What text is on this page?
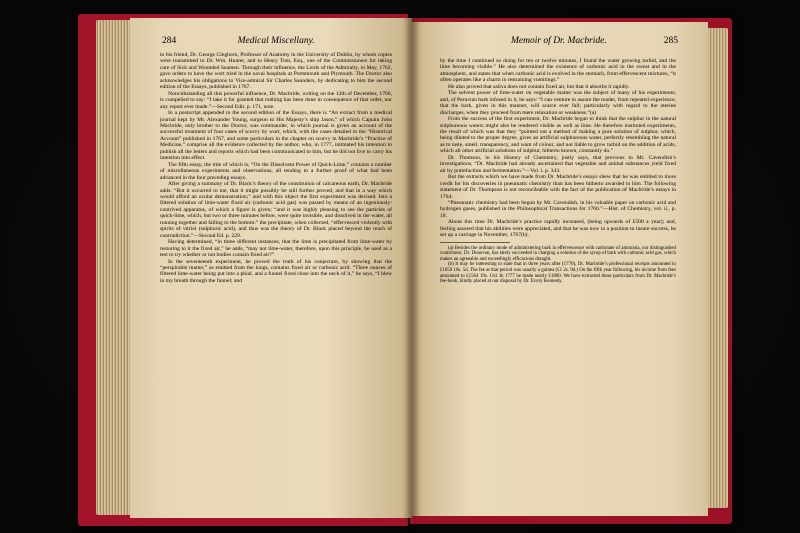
284	Medical Miscellany.	Memoir of Dr. Macbride.	285

to his friend, Dr. George Cleghorn, Professor of Anatomy in the University of Dublin, by whom copies were transmitted to Dr. Wm. Hunter, and to Henry Tom, Esq., one of the Commissioners for taking care of Sick and Wounded Seamen. Through their influence, the Lords of the Admiralty, in May, 1762, gave orders to have the wort tried in the naval hospitals at Portsmouth and Plymouth. The Doctor also acknowledges his obligations to Vice-admiral Sir Charles Saunders, by dedicating to him the second edition of the Essays, published in 1767.

Notwithstanding all this powerful influence, Dr. Macbride, writing on the 12th of December, 1766, is compelled to say: “I take it for granted that nothing has been done in consequence of that order, nor any report ever made.”—Second Edit. p. 171, note.

In a postscript appended to the second edition of the Essays, there is “An extract from a medical journal kept by Mr. Alexander Young, surgeon to His Majesty’s ship Jason,” of which Captain John Macbride, only brother to the Doctor, was commander, in which journal is given an account of the successful treatment of four cases of scurvy by wort, which, with the cases detailed in the “Historical Account” published in 1767, and some particulars in the chapter on scurvy in Macbride’s “Practice of Medicine,” comprise all the evidence collected by the author, who, in 1777, intimated his intention to publish all the letters and reports which had been communicated to him, but he did not live to carry his intention into effect.

The fifth essay, the title of which is, “On the Dissolvent Power of Quick-Lime,” contains a number of miscellaneous experiments and observations, all tending to a further proof of what had been advanced in the four preceding essays.

After giving a summary of Dr. Black’s theory of the constitution of calcareous earth, Dr. Macbride adds: “But it occurred to me, that it might possibly be still further proved, and that in a way which would afford an ocular demonstration;” and with this object the first experiment was devised. Into a filtered solution of lime-water fixed air (carbonic acid gas) was passed by means of an ingeniously-contrived apparatus, of which a figure is given; “and it was highly pleasing to see the particles of quick-lime, which, but two or three minutes before, were quite invisible, and dissolved in the water, all running together and falling to the bottom:” the precipitate, when collected, “effervesced violently with spirits of vitriol (sulphuric acid), and thus was the theory of Dr. Black placed beyond the reach of contradiction.”—Second Ed. p. 229.

Having determined, “in three different instances, that the lime is precipitated from lime-water by restoring to it the fixed air,” he adds, “may not lime-water, therefore, upon this principle, be used as a test to try whether or not bodies contain fixed air?”

In the seventeenth experiment, he proved the truth of his conjecture, by showing that the “perspirable matter,” as emitted from the lungs, contains fixed air or carbonic acid. “Three ounces of filtered lime-water being put into a phial, and a funnel fixed close into the neck of it,” he says, “I blew in my breath through the funnel; and

by the time I continued so doing for ten or twelve minutes, I found the water growing turbid, and the lime becoming visible.” He also determined the existence of carbonic acid in the sweat and in the atmosphere, and states that when carbonic acid is evolved in the stomach, from effervescent mixtures, “it often operates like a charm in restraining vomitings.”

He also proved that saliva does not contain fixed air, but that it absorbs it rapidly.

The solvent power of lime-water on vegetable matter was the subject of many of his experiments; and, of Peruvian bark infused in it, he says: “I can venture to assure the reader, from repeated experience, that the bark, given in this manner, will scarce ever fail; particularly with regard to the uterine discharges, when they proceed from mere relaxation or weakness.”(a)

From the success of the first experiment, Dr. Macbride began to think that the sulphur in the natural sulphureous waters might also be rendered visible as well as lime. He therefore instituted experiments, the result of which was that they “pointed out a method of making a pure solution of sulphur, which, being diluted to the proper degree, gives an artificial sulphureous water, perfectly resembling the natural as to taste, smell, transparency, and want of colour, and not liable to grow turbid on the addition of acids, which all other artificial solutions of sulphur, hitherto known, constantly do.”

Dr. Thomson, in his History of Chemistry, justly says, that previous to Mr. Cavendish’s investigations, “Dr. Macbride had already ascertained that vegetable and animal substances yield fixed air by putrefaction and fermentation.”—Vol. i. p. 343.

But the extracts which we have made from Dr. Macbride’s essays shew that he was entitled to more credit for his discoveries in pneumatic chemistry than has been hitherto awarded to him. The following statement of Dr. Thompson is not reconcileable with the fact of the publication of Macbride’s essays in 1764:

“Pneumatic chemistry had been begun by Mr. Cavendish, in his valuable paper on carbonic acid and hydrogen gases, published in the Philosophical Transactions for 1766.”—Hist. of Chemistry, vol. ii., p. 18.

About this time Dr. Macbride’s practice rapidly increased, (being upwards of £500 a year); and, feeling assured that his abilities were appreciated, and that he was now in a position to insure success, he set up a carriage in November, 1767(b).

(a) Besides the ordinary mode of administering bark in effervescence with carbonate of ammonia, our distinguished contributor, Dr. Donovan, has lately succeeded in charging a solution of the syrup of bark with carbonic acid gas, which makes an agreeable and exceedingly efficacious draught.

(b) It may be interesting to state that in three years after (1770), Dr. Macbride’s professional receipts amounted to £1059 16s. 5d. The fee at that period was usually a guinea (£1 2s. 9d.) On the fifth year following, his income from fees amounted to £1564 19s. 11d. In 1777 he made nearly £1800. We have extracted these particulars from Dr. Macbride’s fee-book, kindly placed at our disposal by Dr. Evory Kennedy.
